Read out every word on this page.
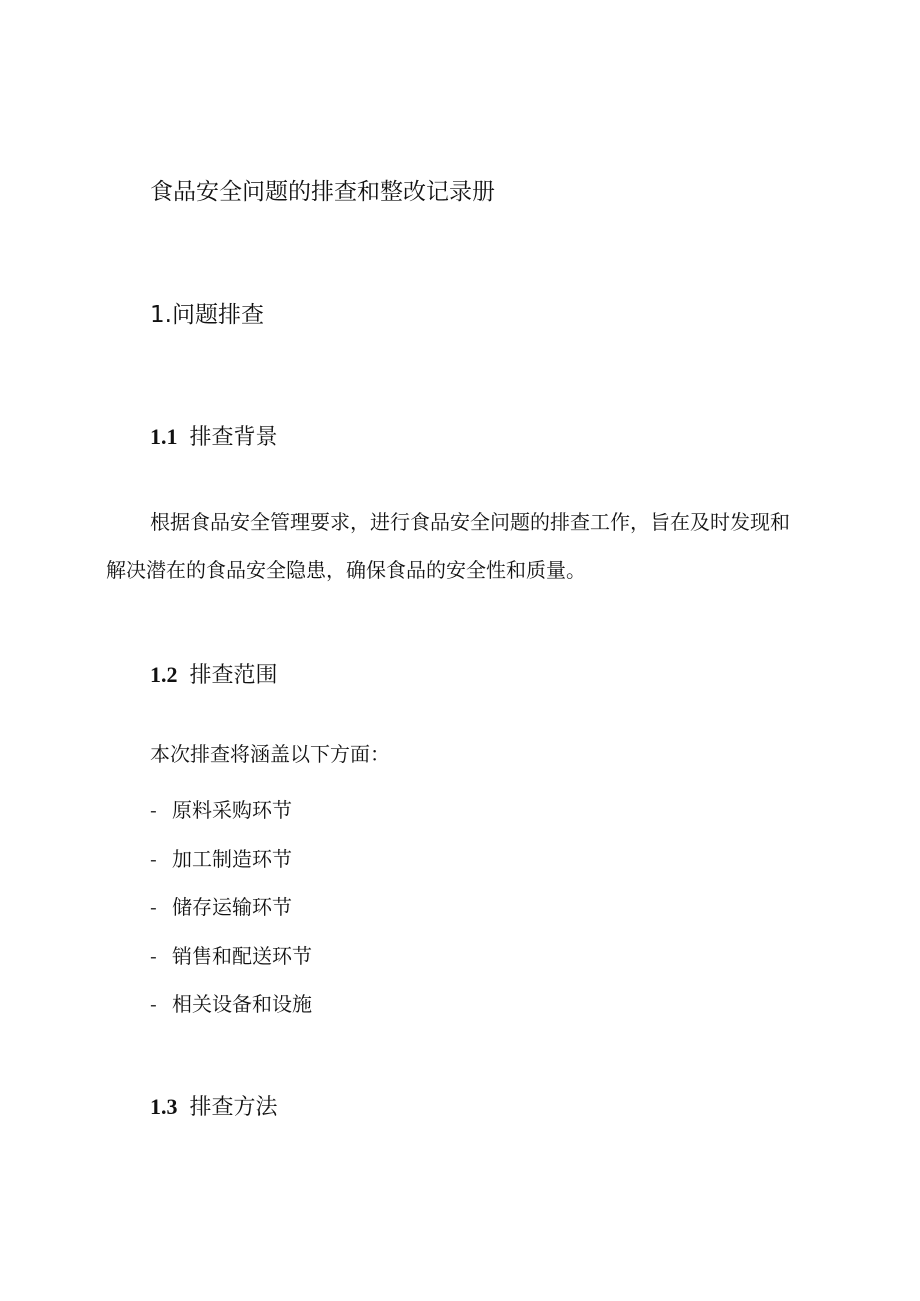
食品安全问题的排查和整改记录册
1.问题排查
1.1 排查背景

根据食品安全管理要求，进行食品安全问题的排查工作，旨在及时发现和解决潜在的食品安全隐患，确保食品的安全性和质量。

1.2 排查范围

本次排查将涵盖以下方面：

- 原料采购环节
- 加工制造环节
- 储存运输环节
- 销售和配送环节
- 相关设备和设施
1.3 排查方法
